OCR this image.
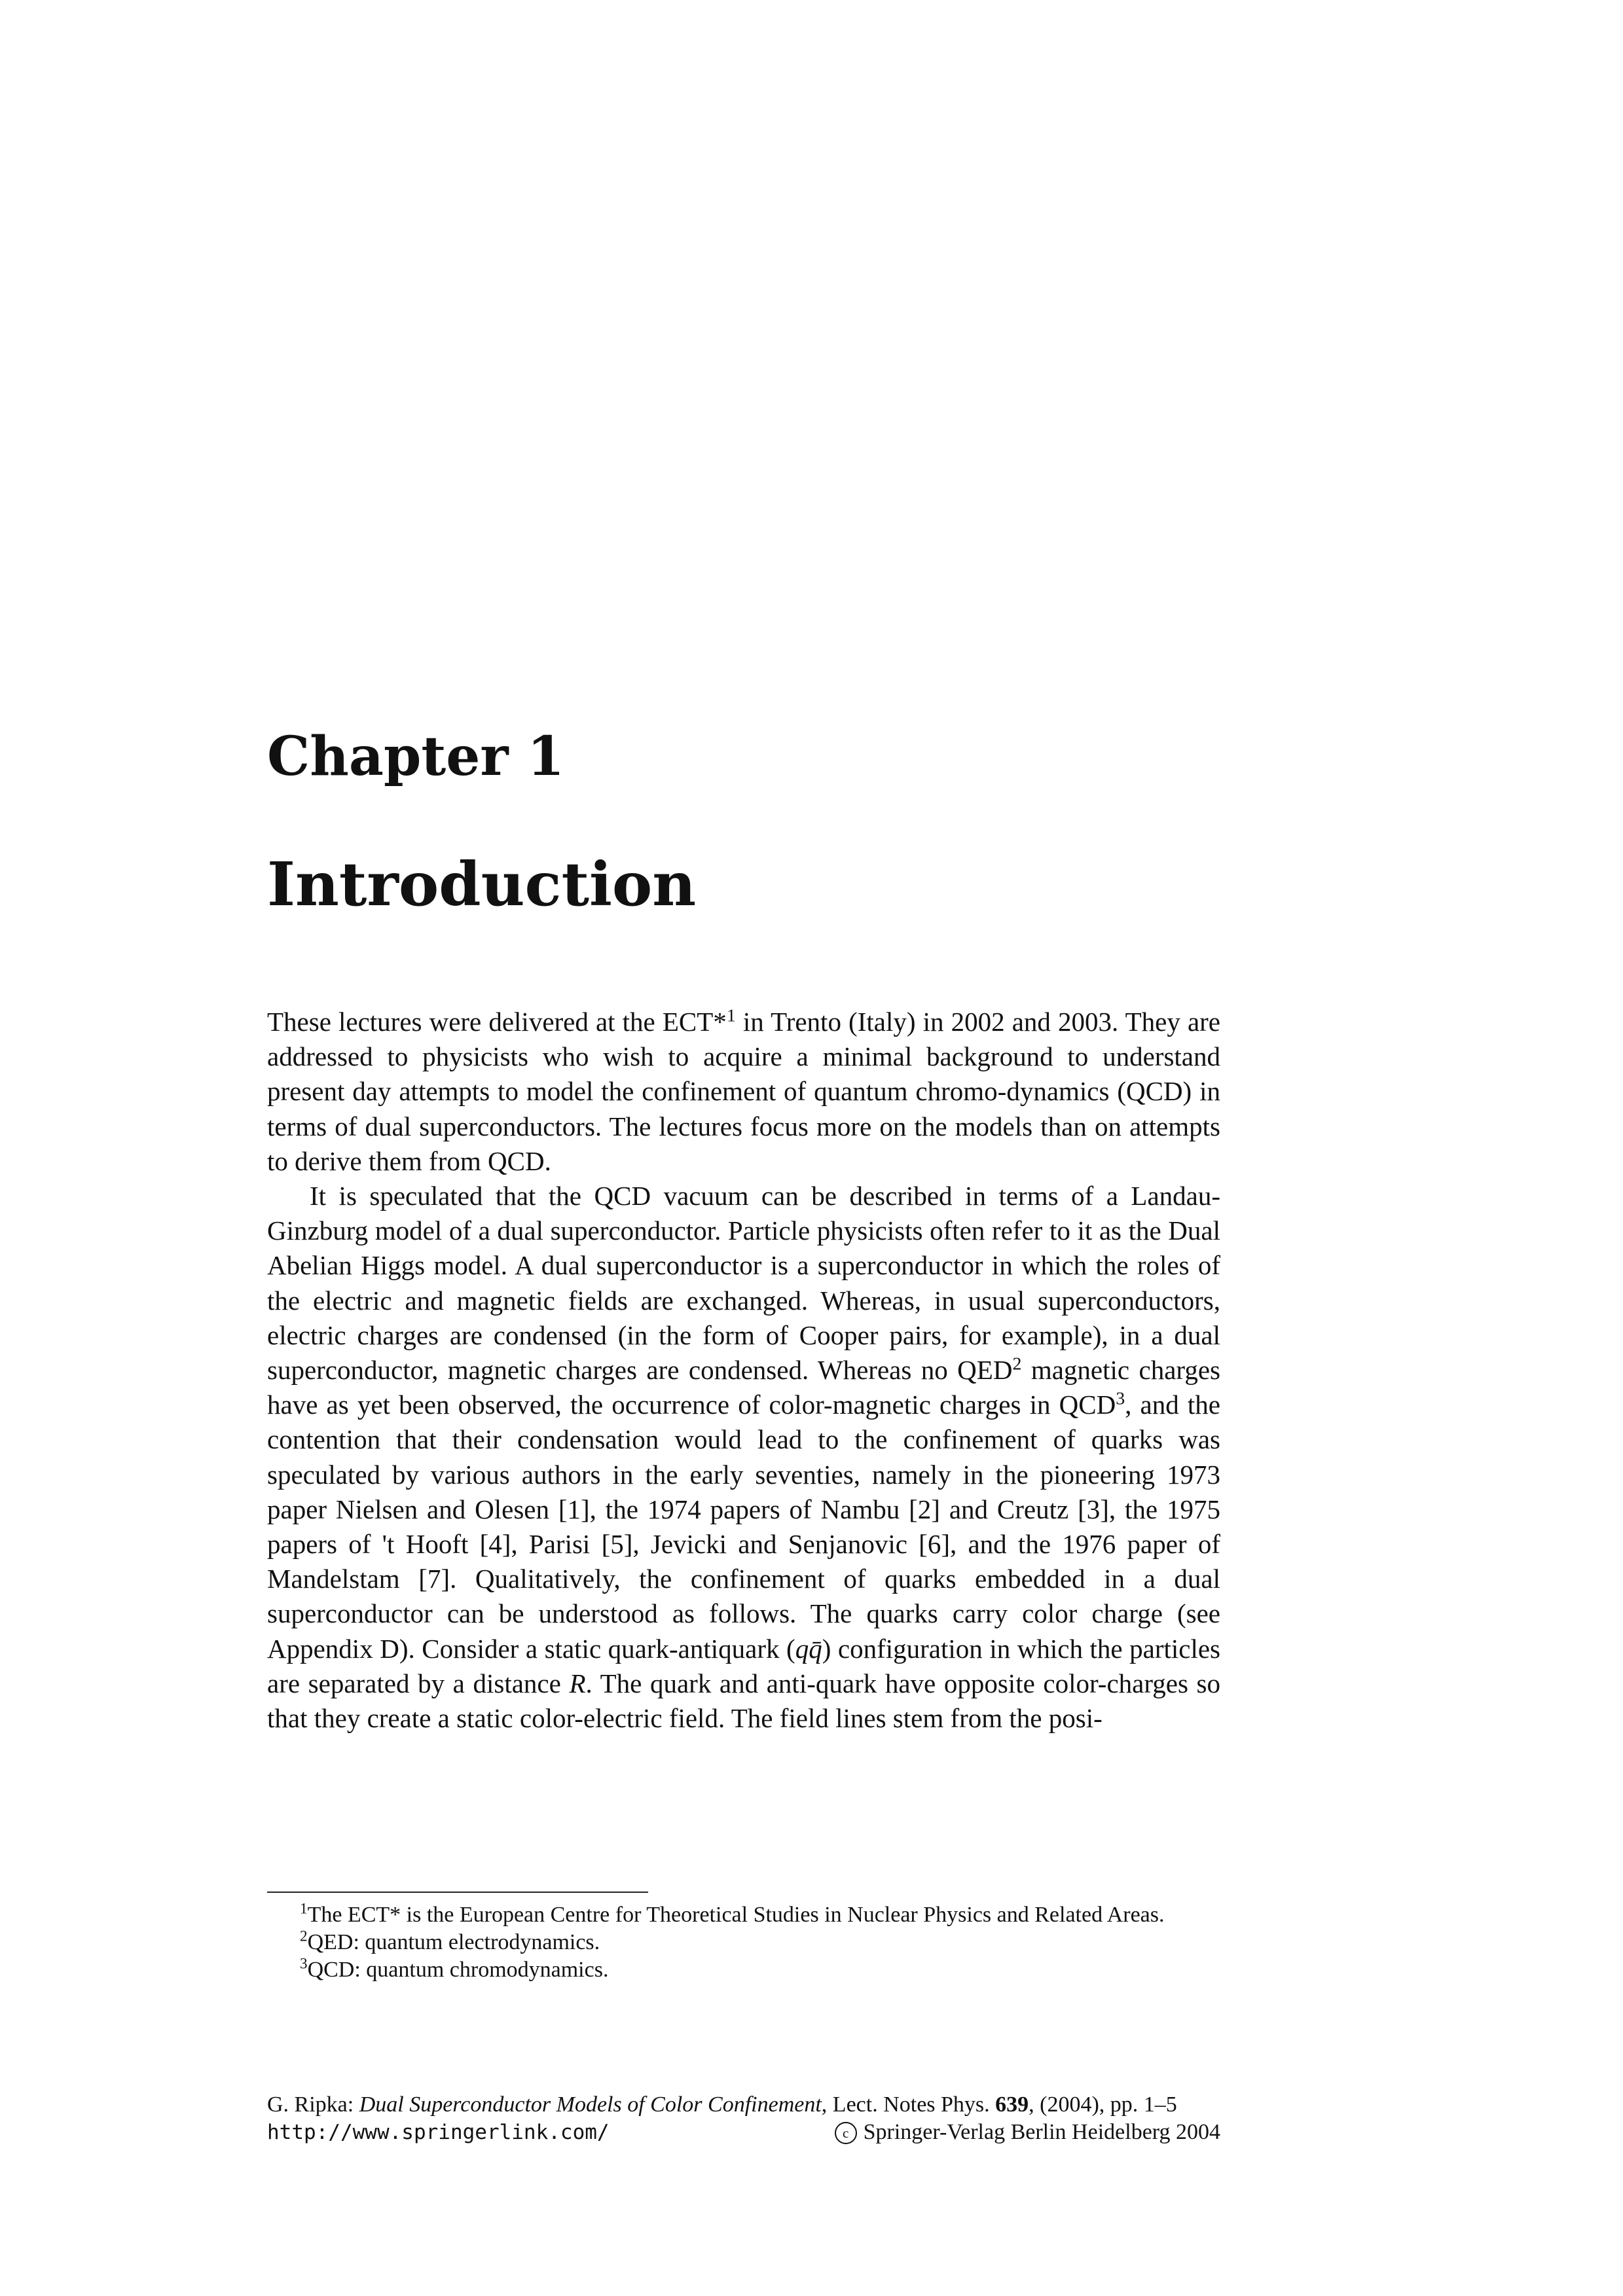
Chapter 1
Introduction

These lectures were delivered at the ECT*$^1$ in Trento (Italy) in 2002 and 2003. They are addressed to physicists who wish to acquire a minimal background to understand present day attempts to model the confinement of quantum chromo-dynamics (QCD) in terms of dual superconductors. The lectures focus more on the models than on attempts to derive them from QCD.

It is speculated that the QCD vacuum can be described in terms of a Landau-Ginzburg model of a dual superconductor. Particle physicists often refer to it as the Dual Abelian Higgs model. A dual superconductor is a superconductor in which the roles of the electric and magnetic fields are exchanged. Whereas, in usual superconductors, electric charges are condensed (in the form of Cooper pairs, for example), in a dual superconductor, magnetic charges are condensed. Whereas no QED$^2$ magnetic charges have as yet been observed, the occurrence of color-magnetic charges in QCD$^3$, and the contention that their condensation would lead to the confinement of quarks was speculated by various authors in the early seventies, namely in the pioneering 1973 paper Nielsen and Olesen [1], the 1974 papers of Nambu [2] and Creutz [3], the 1975 papers of 't Hooft [4], Parisi [5], Jevicki and Senjanovic [6], and the 1976 paper of Mandelstam [7]. Qualitatively, the confinement of quarks embedded in a dual superconductor can be understood as follows. The quarks carry color charge (see Appendix D). Consider a static quark-antiquark (qq̄) configuration in which the particles are separated by a distance R. The quark and anti-quark have opposite color-charges so that they create a static color-electric field. The field lines stem from the posi-

$^1$The ECT* is the European Centre for Theoretical Studies in Nuclear Physics and Related Areas.

$^2$QED: quantum electrodynamics.

$^3$QCD: quantum chromodynamics.

G. Ripka: Dual Superconductor Models of Color Confinement, Lect. Notes Phys. 639, (2004), pp. 1–5
http://www.springerlink.com/	c Springer-Verlag Berlin Heidelberg 2004
